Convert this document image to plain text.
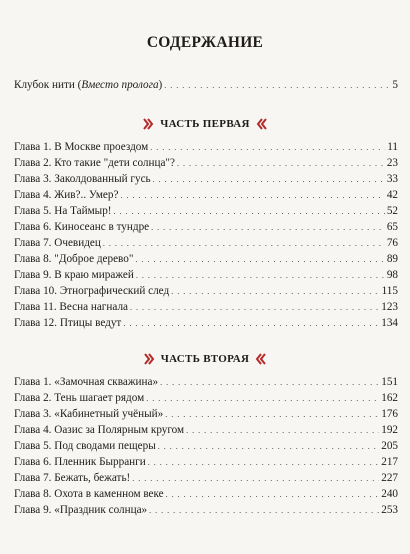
СОДЕРЖАНИЕ
Клубок нити (Вместо пролога) . . .	5
ЧАСТЬ ПЕРВАЯ
Глава 1. В Москве проездом . . .	11
Глава 2. Кто такие "дети солнца"? . . .	23
Глава 3. Заколдованный гусь . . .	33
Глава 4. Жив?.. Умер? . . .	42
Глава 5. На Таймыр! . . .	52
Глава 6. Киносеанс в тундре . . .	65
Глава 7. Очевидец . . .	76
Глава 8. "Доброе дерево" . . .	89
Глава 9. В краю миражей . . .	98
Глава 10. Этнографический след . . .	115
Глава 11. Весна нагнала . . .	123
Глава 12. Птицы ведут . . .	134
ЧАСТЬ ВТОРАЯ
Глава 1. «Замочная скважина» . . .	151
Глава 2. Тень шагает рядом . . .	162
Глава 3. «Кабинетный учёный» . . .	176
Глава 4. Оазис за Полярным кругом . . .	192
Глава 5. Под сводами пещеры . . .	205
Глава 6. Пленник Бырранги . . .	217
Глава 7. Бежать, бежать! . . .	227
Глава 8. Охота в каменном веке . . .	240
Глава 9. «Праздник солнца» . . .	253
